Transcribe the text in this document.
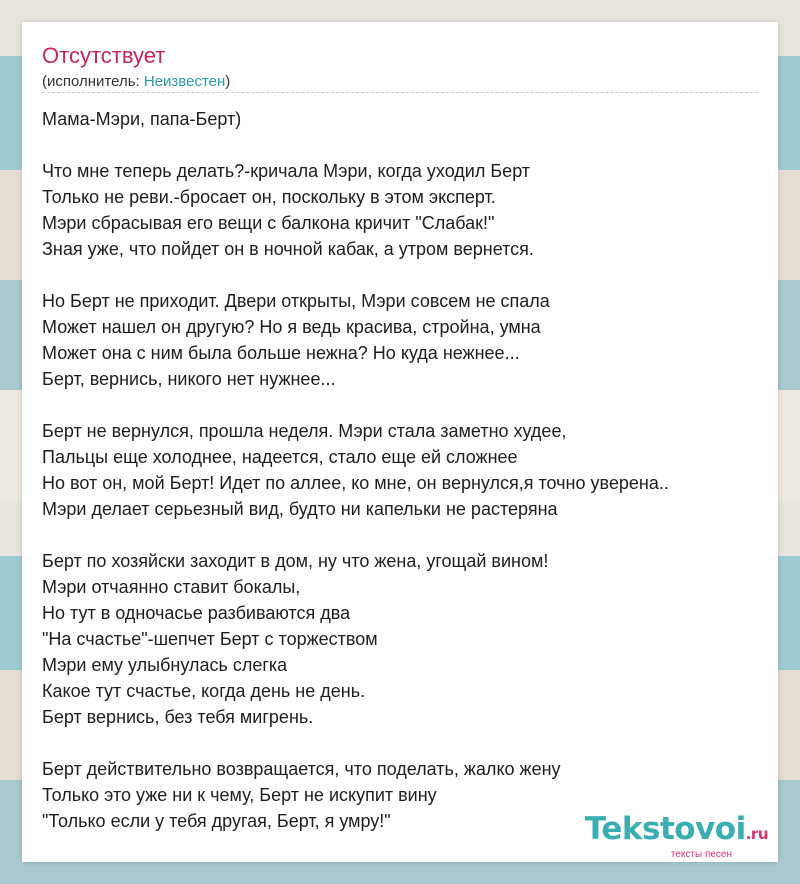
Отсутствует
(исполнитель: Неизвестен)
Мама-Мэри, папа-Берт)
Что мне теперь делать?-кричала Мэри, когда уходил Берт
Только не реви.-бросает он, поскольку в этом эксперт.
Мэри сбрасывая его вещи с балкона кричит "Слабак!"
Зная уже, что пойдет он в ночной кабак, а утром вернется.
Но Берт не приходит. Двери открыты, Мэри совсем не спала
Может нашел он другую? Но я ведь красива, стройна, умна
Может она с ним была больше нежна? Но куда нежнее...
Берт, вернись, никого нет нужнее...
Берт не вернулся, прошла неделя. Мэри стала заметно худее,
Пальцы еще холоднее, надеется, стало еще ей сложнее
Но вот он, мой Берт! Идет по аллее, ко мне, он вернулся,я точно уверена..
Мэри делает серьезный вид, будто ни капельки не растеряна
Берт по хозяйски заходит в дом, ну что жена, угощай вином!
Мэри отчаянно ставит бокалы,
Но тут в одночасье разбиваются два
"На счастье"-шепчет Берт с торжеством
Мэри ему улыбнулась слегка
Какое тут счастье, когда день не день.
Берт вернись, без тебя мигрень.
Берт действительно возвращается, что поделать, жалко жену
Только это уже ни к чему, Берт не искупит вину
"Только если у тебя другая, Берт, я умру!"	Tekstovoi.ru
тексты песен
